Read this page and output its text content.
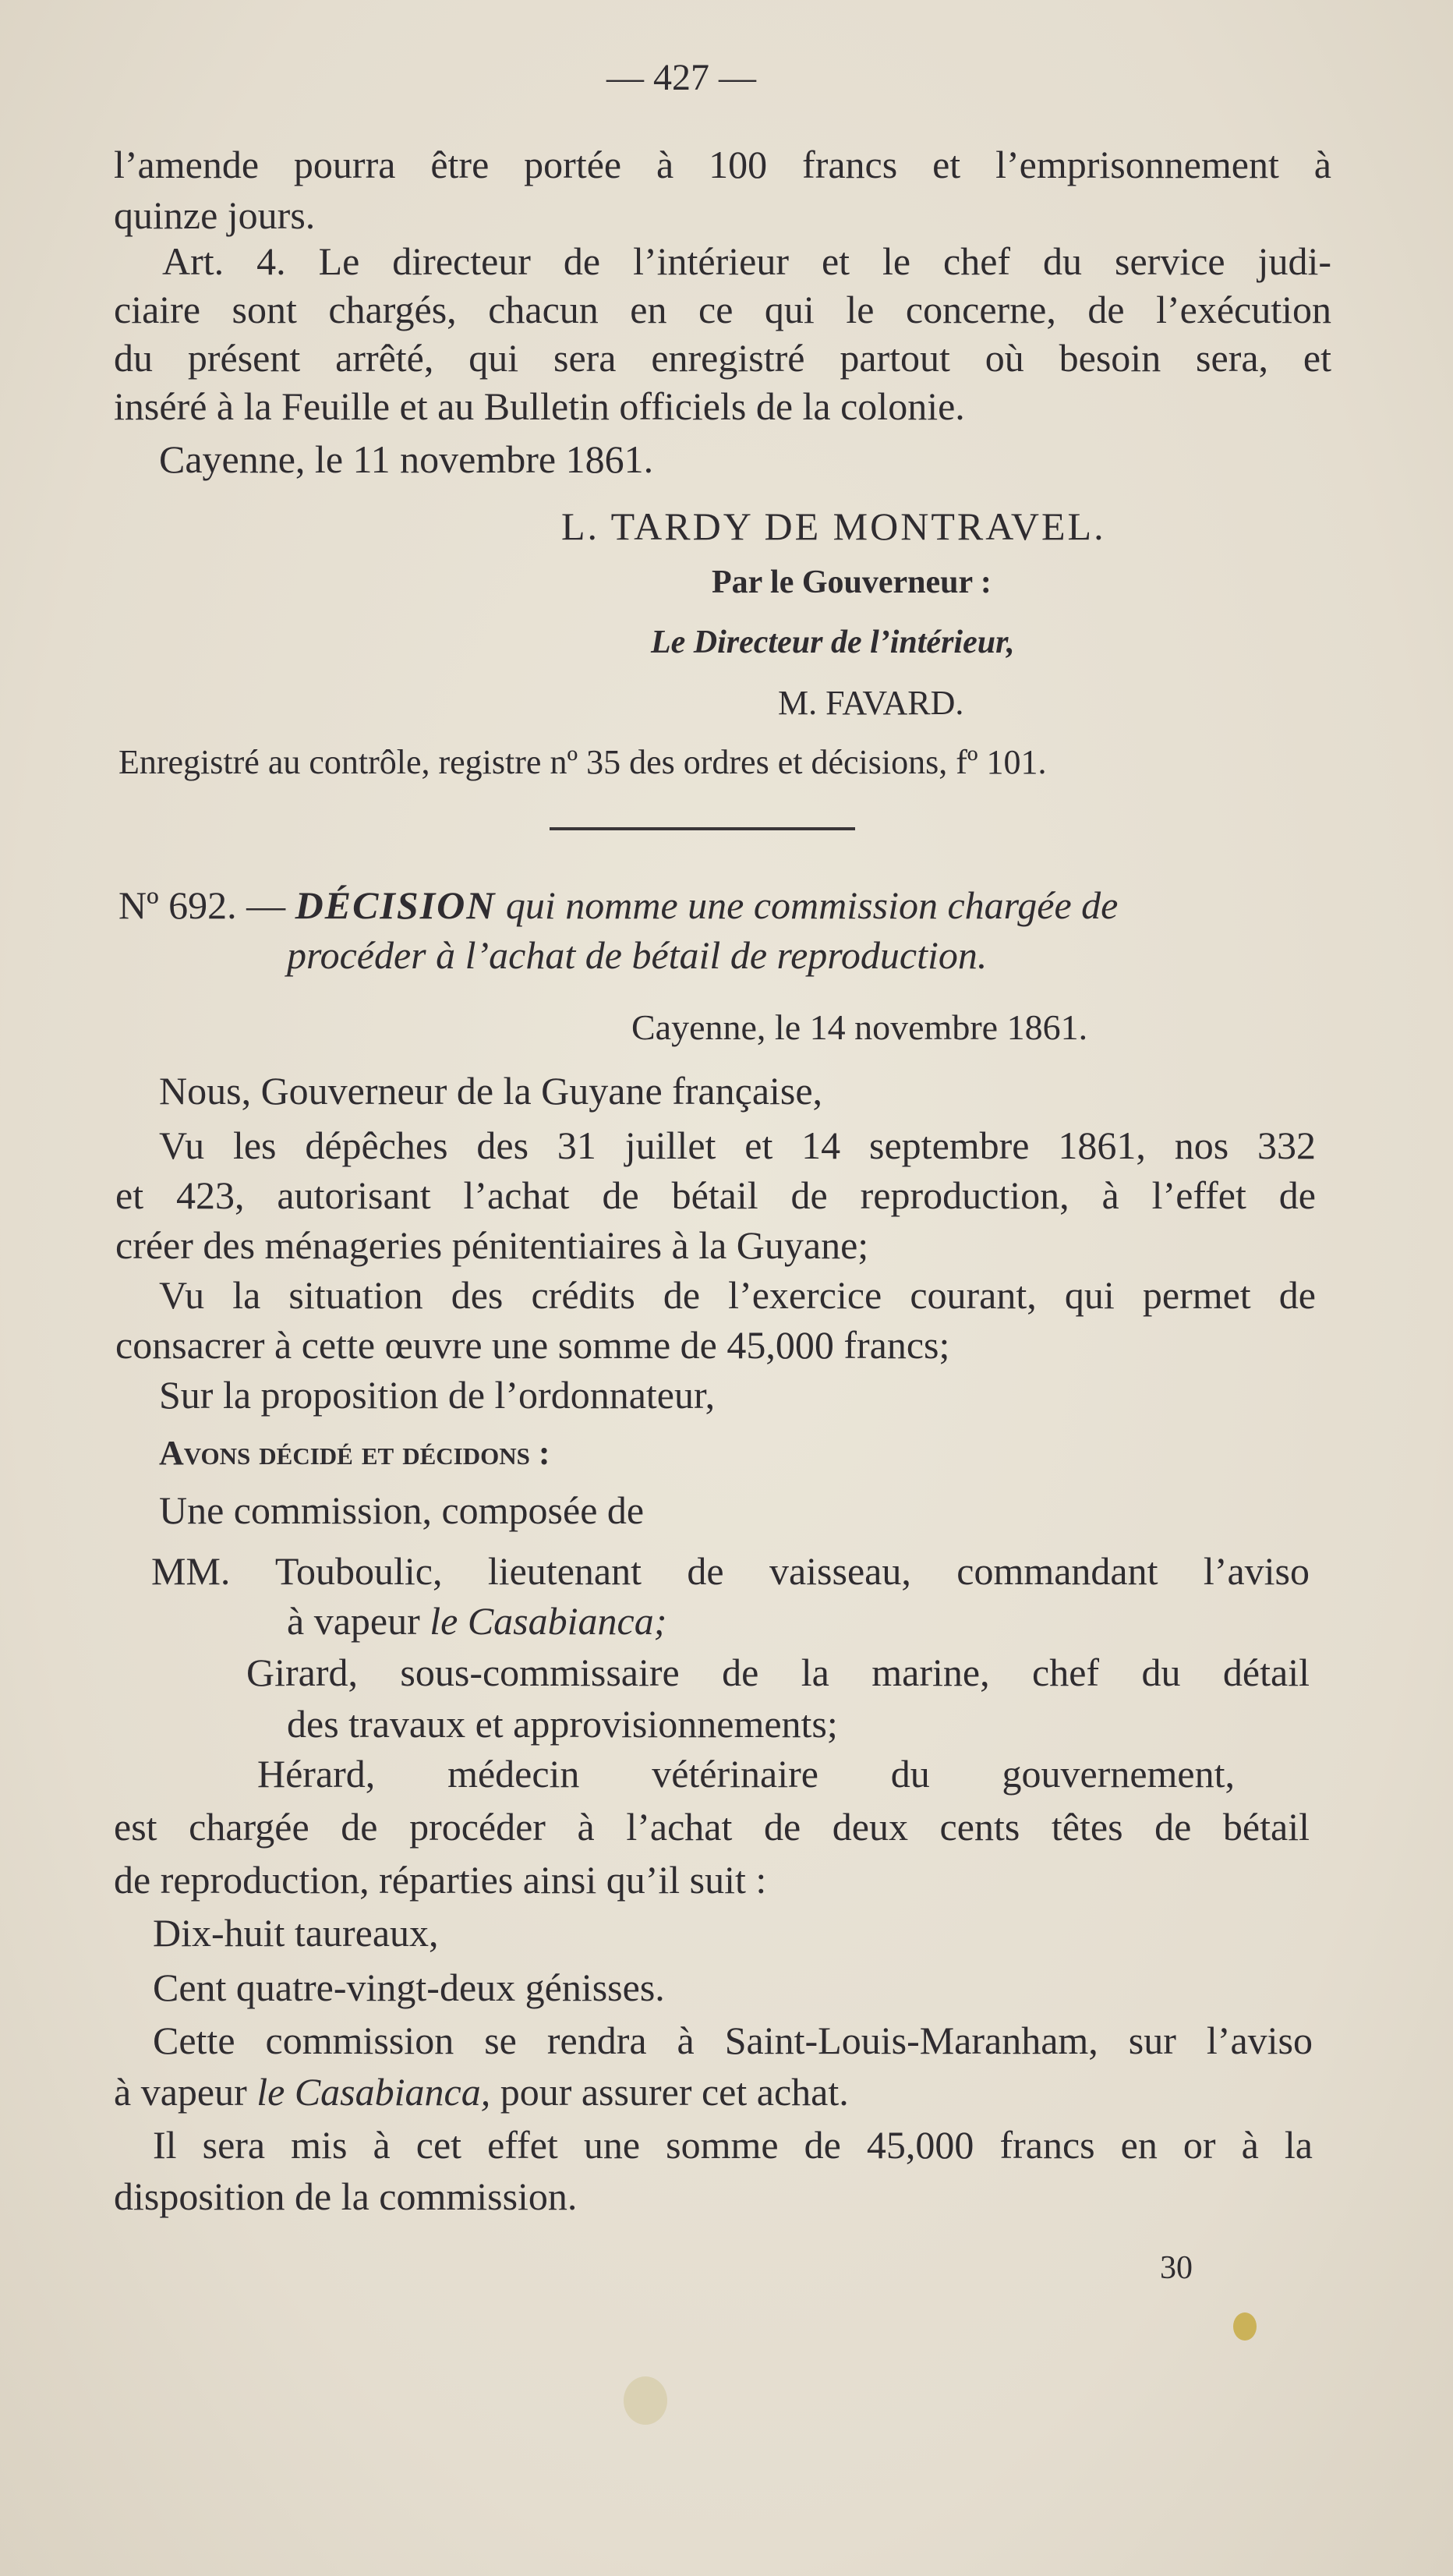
— 427 —
l’amende pourra être portée à 100 francs et l’emprisonnement à
quinze jours.
Art. 4. Le directeur de l’intérieur et le chef du service judi-
ciaire sont chargés, chacun en ce qui le concerne, de l’exécution
du présent arrêté, qui sera enregistré partout où besoin sera, et
inséré à la Feuille et au Bulletin officiels de la colonie.
Cayenne, le 11 novembre 1861.
L. TARDY DE MONTRAVEL.
Par le Gouverneur :
Le Directeur de l’intérieur,
M. FAVARD.
Enregistré au contrôle, registre nº 35 des ordres et décisions, fº 101.
Nº 692. — DÉCISION qui nomme une commission chargée de
procéder à l’achat de bétail de reproduction.
Cayenne, le 14 novembre 1861.
Nous, Gouverneur de la Guyane française,
Vu les dépêches des 31 juillet et 14 septembre 1861, nos 332
et 423, autorisant l’achat de bétail de reproduction, à l’effet de
créer des ménageries pénitentiaires à la Guyane;
Vu la situation des crédits de l’exercice courant, qui permet de
consacrer à cette œuvre une somme de 45,000 francs;
Sur la proposition de l’ordonnateur,
Avons décidé et décidons :
Une commission, composée de
MM. Touboulic, lieutenant de vaisseau, commandant l’aviso
à vapeur le Casabianca;
Girard, sous-commissaire de la marine, chef du détail
des travaux et approvisionnements;
Hérard, médecin vétérinaire du gouvernement,
est chargée de procéder à l’achat de deux cents têtes de bétail
de reproduction, réparties ainsi qu’il suit :
Dix-huit taureaux,
Cent quatre-vingt-deux génisses.
Cette commission se rendra à Saint-Louis-Maranham, sur l’aviso
à vapeur le Casabianca, pour assurer cet achat.
Il sera mis à cet effet une somme de 45,000 francs en or à la
disposition de la commission.
30
